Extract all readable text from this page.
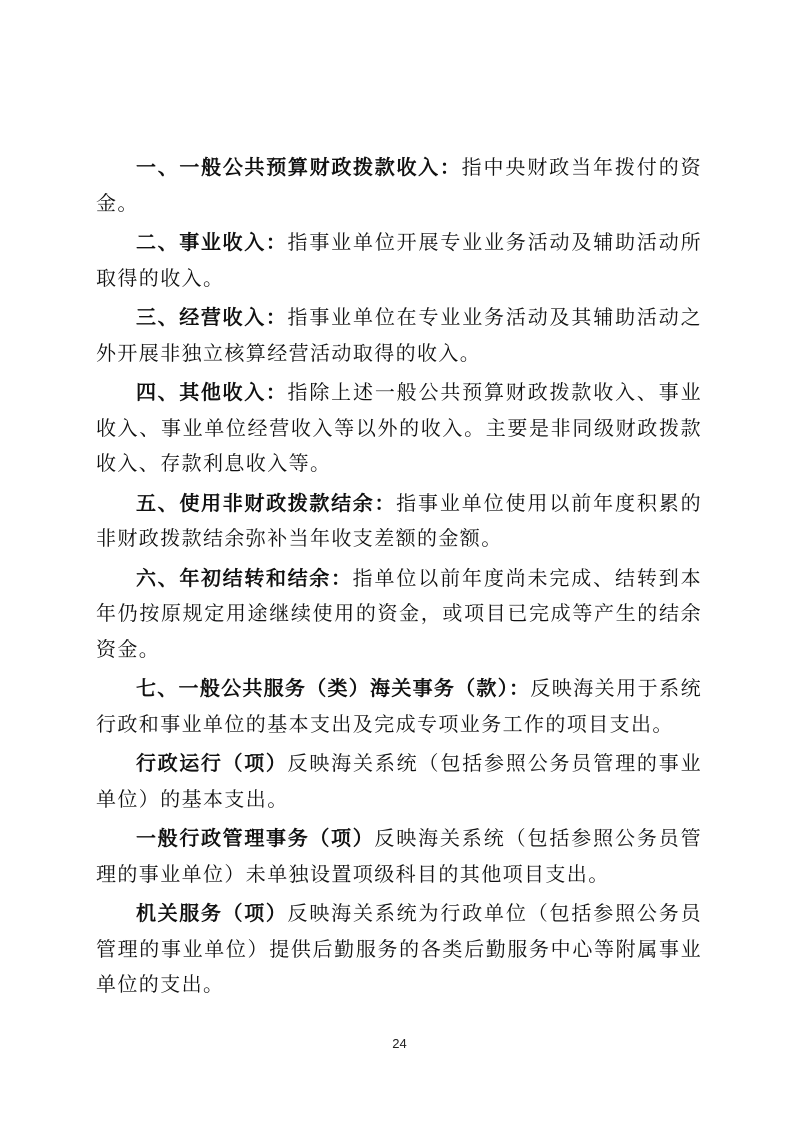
一、一般公共预算财政拨款收入：指中央财政当年拨付的资金。

二、事业收入：指事业单位开展专业业务活动及辅助活动所取得的收入。

三、经营收入：指事业单位在专业业务活动及其辅助活动之外开展非独立核算经营活动取得的收入。

四、其他收入：指除上述一般公共预算财政拨款收入、事业收入、事业单位经营收入等以外的收入。主要是非同级财政拨款收入、存款利息收入等。

五、使用非财政拨款结余：指事业单位使用以前年度积累的非财政拨款结余弥补当年收支差额的金额。

六、年初结转和结余：指单位以前年度尚未完成、结转到本年仍按原规定用途继续使用的资金，或项目已完成等产生的结余资金。

七、一般公共服务（类）海关事务（款）：反映海关用于系统行政和事业单位的基本支出及完成专项业务工作的项目支出。

行政运行（项）反映海关系统（包括参照公务员管理的事业单位）的基本支出。

一般行政管理事务（项）反映海关系统（包括参照公务员管理的事业单位）未单独设置项级科目的其他项目支出。

机关服务（项）反映海关系统为行政单位（包括参照公务员管理的事业单位）提供后勤服务的各类后勤服务中心等附属事业单位的支出。

24
